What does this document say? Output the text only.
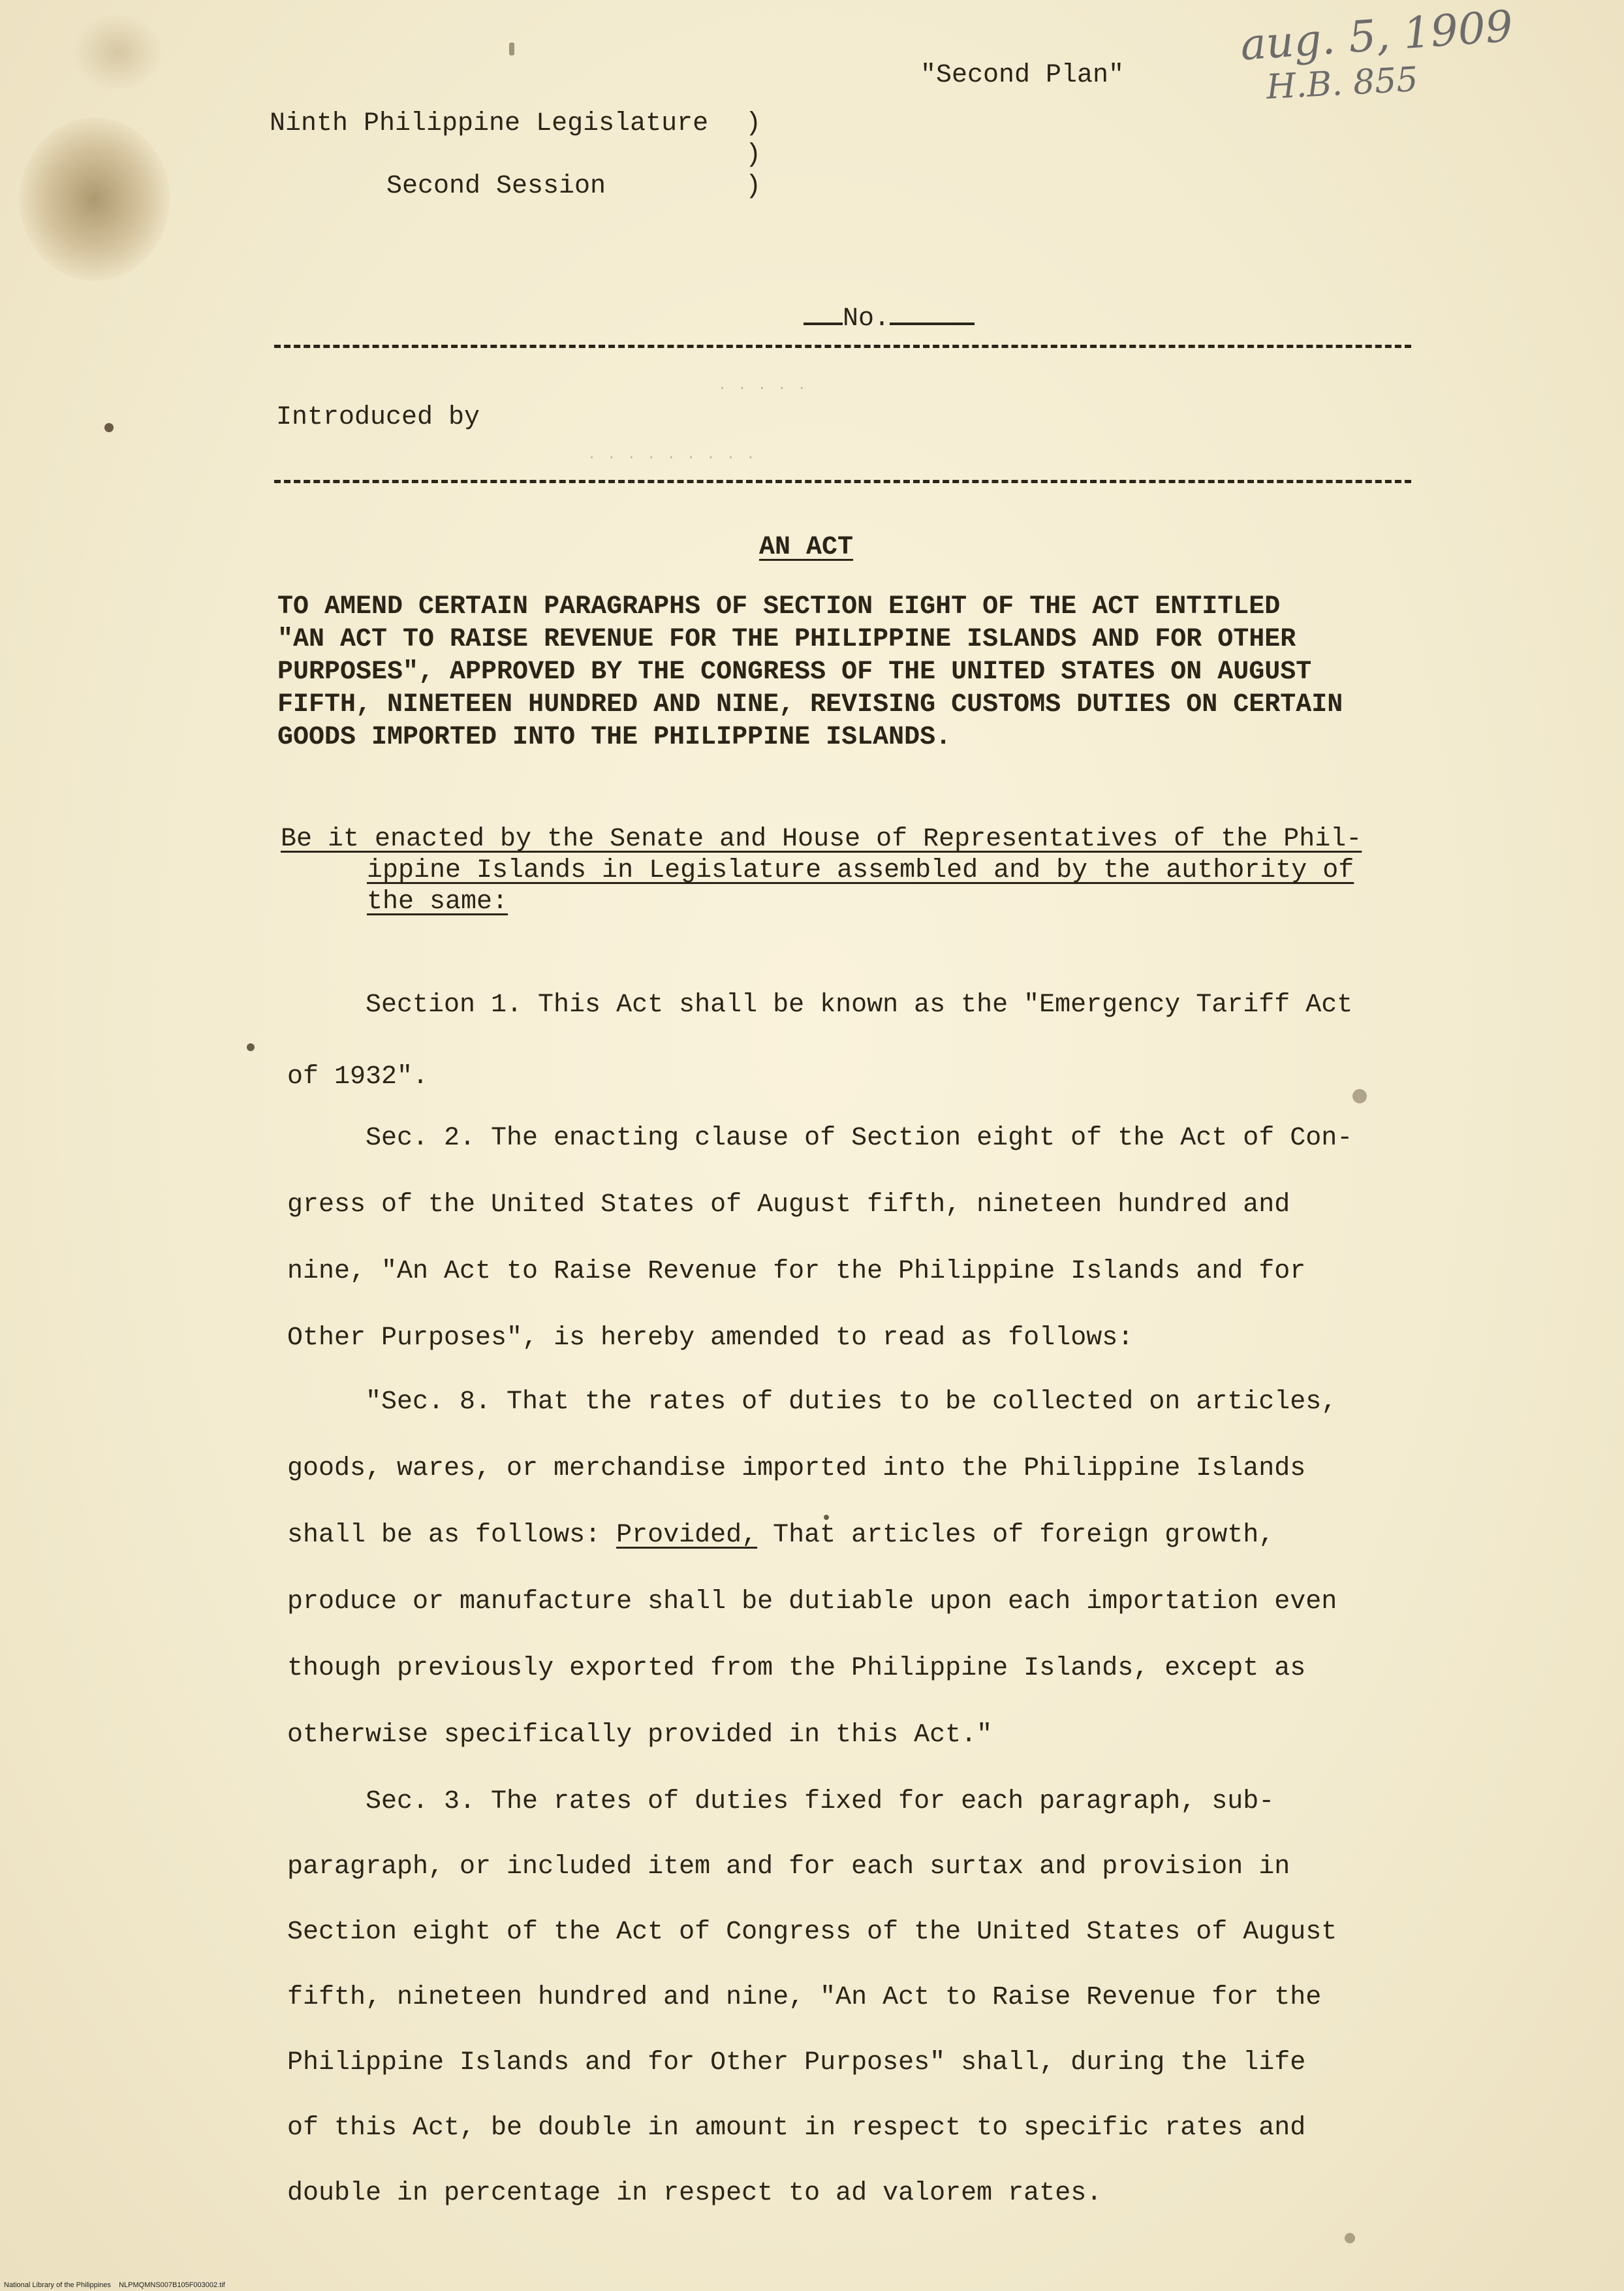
"Second Plan"
aug. 5, 1909
H.B. 855
Ninth Philippine Legislature )
)
Second Session	)

No.

Introduced by
. . . . .
. . . . . . . . .
AN ACT
TO AMEND CERTAIN PARAGRAPHS OF SECTION EIGHT OF THE ACT ENTITLED
"AN ACT TO RAISE REVENUE FOR THE PHILIPPINE ISLANDS AND FOR OTHER
PURPOSES", APPROVED BY THE CONGRESS OF THE UNITED STATES ON AUGUST
FIFTH, NINETEEN HUNDRED AND NINE, REVISING CUSTOMS DUTIES ON CERTAIN
GOODS IMPORTED INTO THE PHILIPPINE ISLANDS.
Be it enacted by the Senate and House of Representatives of the Phil-
ippine Islands in Legislature assembled and by the authority of
the same:
Section 1. This Act shall be known as the "Emergency Tariff Act
of 1932".
Sec. 2. The enacting clause of Section eight of the Act of Con-
gress of the United States of August fifth, nineteen hundred and
nine, "An Act to Raise Revenue for the Philippine Islands and for
Other Purposes", is hereby amended to read as follows:
"Sec. 8. That the rates of duties to be collected on articles,
goods, wares, or merchandise imported into the Philippine Islands
shall be as follows: Provided, That articles of foreign growth,
produce or manufacture shall be dutiable upon each importation even
though previously exported from the Philippine Islands, except as
otherwise specifically provided in this Act."
Sec. 3. The rates of duties fixed for each paragraph, sub-
paragraph, or included item and for each surtax and provision in
Section eight of the Act of Congress of the United States of August
fifth, nineteen hundred and nine, "An Act to Raise Revenue for the
Philippine Islands and for Other Purposes" shall, during the life
of this Act, be double in amount in respect to specific rates and
double in percentage in respect to ad valorem rates.
National Library of the Philippines    NLPMQMNS007B105F003002.tif
